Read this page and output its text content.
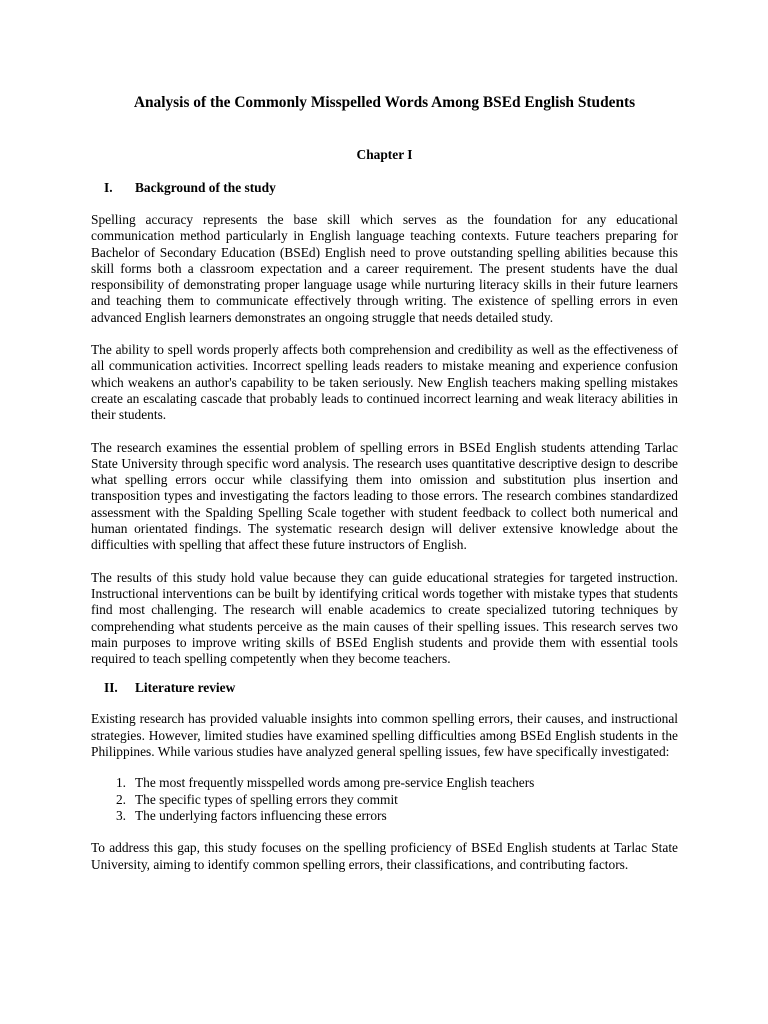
Analysis of the Commonly Misspelled Words Among BSEd English Students
Chapter I
I.	Background of the study

Spelling accuracy represents the base skill which serves as the foundation for any educational communication method particularly in English language teaching contexts. Future teachers preparing for Bachelor of Secondary Education (BSEd) English need to prove outstanding spelling abilities because this skill forms both a classroom expectation and a career requirement. The present students have the dual responsibility of demonstrating proper language usage while nurturing literacy skills in their future learners and teaching them to communicate effectively through writing. The existence of spelling errors in even advanced English learners demonstrates an ongoing struggle that needs detailed study.

The ability to spell words properly affects both comprehension and credibility as well as the effectiveness of all communication activities. Incorrect spelling leads readers to mistake meaning and experience confusion which weakens an author's capability to be taken seriously. New English teachers making spelling mistakes create an escalating cascade that probably leads to continued incorrect learning and weak literacy abilities in their students.

The research examines the essential problem of spelling errors in BSEd English students attending Tarlac State University through specific word analysis. The research uses quantitative descriptive design to describe what spelling errors occur while classifying them into omission and substitution plus insertion and transposition types and investigating the factors leading to those errors. The research combines standardized assessment with the Spalding Spelling Scale together with student feedback to collect both numerical and human orientated findings. The systematic research design will deliver extensive knowledge about the difficulties with spelling that affect these future instructors of English.

The results of this study hold value because they can guide educational strategies for targeted instruction. Instructional interventions can be built by identifying critical words together with mistake types that students find most challenging. The research will enable academics to create specialized tutoring techniques by comprehending what students perceive as the main causes of their spelling issues. This research serves two main purposes to improve writing skills of BSEd English students and provide them with essential tools required to teach spelling competently when they become teachers.

II.	Literature review

Existing research has provided valuable insights into common spelling errors, their causes, and instructional strategies. However, limited studies have examined spelling difficulties among BSEd English students in the Philippines. While various studies have analyzed general spelling issues, few have specifically investigated:

1. The most frequently misspelled words among pre-service English teachers
2. The specific types of spelling errors they commit
3. The underlying factors influencing these errors

To address this gap, this study focuses on the spelling proficiency of BSEd English students at Tarlac State University, aiming to identify common spelling errors, their classifications, and contributing factors.
